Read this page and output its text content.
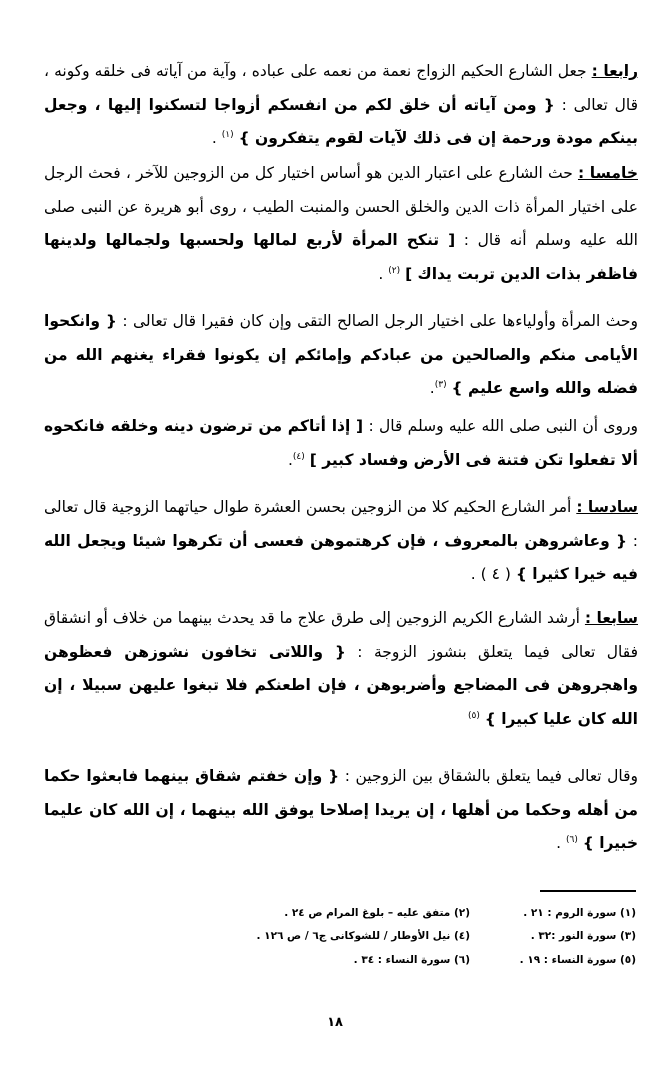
رابعا : جعل الشارع الحكيم الزواج نعمة من نعمه على عباده ، وآية من آياته فى خلقه وكونه ، قال تعالى : { ومن آياته أن خلق لكم من انفسكم أزواجا لتسكنوا إليها ، وجعل بينكم مودة ورحمة إن فى ذلك لآيات لقوم يتفكرون } $^{(١)}$ .

خامسا : حث الشارع على اعتبار الدين هو أساس اختيار كل من الزوجين للآخر ، فحث الرجل على اختيار المرأة ذات الدين والخلق الحسن والمنبت الطيب ، روى أبو هريرة عن النبى صلى الله عليه وسلم أنه قال : [ تنكح المرأة لأربع لمالها ولحسبها ولجمالها ولدينها فاظفر بذات الدين تربت يداك ] $^{(٢)}$ .

وحث المرأة وأولياءها على اختيار الرجل الصالح التقى وإن كان فقيرا قال تعالى : { وانكحوا الأيامى منكم والصالحين من عبادكم وإمائكم إن يكونوا فقراء يغنهم الله من فضله والله واسع عليم } $^{(٣)}$.

وروى أن النبى صلى الله عليه وسلم قال : [ إذا أتاكم من ترضون دينه وخلقه فانكحوه ألا تفعلوا تكن فتنة فى الأرض وفساد كبير ] $^{(٤)}$.

سادسا : أمر الشارع الحكيم كلا من الزوجين بحسن العشرة طوال حياتهما الزوجية قال تعالى : { وعاشروهن بالمعروف ، فإن كرهتموهن فعسى أن تكرهوا شيئا ويجعل الله فيه خيرا كثيرا } ( ٤ ) .

سابعا : أرشد الشارع الكريم الزوجين إلى طرق علاج ما قد يحدث بينهما من خلاف أو انشقاق فقال تعالى فيما يتعلق بنشوز الزوجة : { واللاتى تخافون نشوزهن فعظوهن واهجروهن فى المضاجع وأضربوهن ، فإن اطعنكم فلا تبغوا عليهن سبيلا ، إن الله كان عليا كبيرا } $^{(٥)}$

وقال تعالى فيما يتعلق بالشقاق بين الزوجين : { وإن خفتم شقاق بينهما فابعثوا حكما من أهله وحكما من أهلها ، إن يريدا إصلاحا يوفق الله بينهما ، إن الله كان عليما خبيرا } $^{(٦)}$ .

(١) سورة الروم : ٢١ .
(٢) متفق عليه – بلوغ المرام ص ٢٤ .
(٣) سورة النور :٣٢ .
(٤) نيل الأوطار / للشوكانى ج٦ / ص ١٢٦ .
(٥) سورة النساء : ١٩ .
(٦) سورة النساء : ٣٤ .
١٨
